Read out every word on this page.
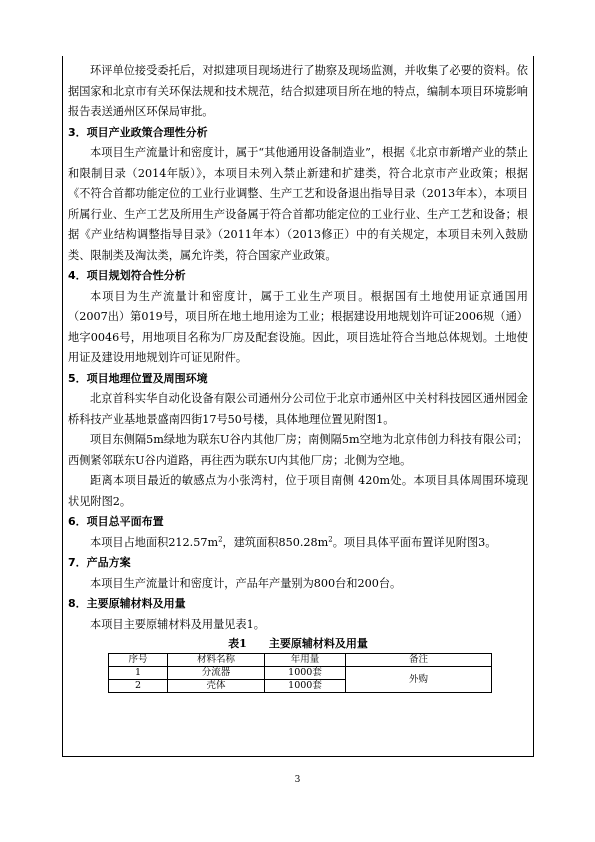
环评单位接受委托后，对拟建项目现场进行了勘察及现场监测，并收集了必要的资料。依据国家和北京市有关环保法规和技术规范，结合拟建项目所在地的特点，编制本项目环境影响报告表送通州区环保局审批。

3．项目产业政策合理性分析

本项目生产流量计和密度计，属于“其他通用设备制造业”，根据《北京市新增产业的禁止和限制目录（2014年版）》，本项目未列入禁止新建和扩建类，符合北京市产业政策；根据《不符合首都功能定位的工业行业调整、生产工艺和设备退出指导目录（2013年本），本项目所属行业、生产工艺及所用生产设备属于符合首都功能定位的工业行业、生产工艺和设备；根据《产业结构调整指导目录》（2011年本）（2013修正）中的有关规定，本项目未列入鼓励类、限制类及淘汰类，属允许类，符合国家产业政策。

4．项目规划符合性分析

本项目为生产流量计和密度计，属于工业生产项目。根据国有土地使用证京通国用（2007出）第019号，项目所在地土地用途为工业；根据建设用地规划许可证2006规（通）地字0046号，用地项目名称为厂房及配套设施。因此，项目选址符合当地总体规划。土地使用证及建设用地规划许可证见附件。

5．项目地理位置及周围环境

北京首科实华自动化设备有限公司通州分公司位于北京市通州区中关村科技园区通州园金桥科技产业基地景盛南四街17号50号楼，具体地理位置见附图1。

项目东侧隔5m绿地为联东U谷内其他厂房；南侧隔5m空地为北京伟创力科技有限公司；西侧紧邻联东U谷内道路，再往西为联东U内其他厂房；北侧为空地。

距离本项目最近的敏感点为小张湾村，位于项目南侧 420m处。本项目具体周围环境现状见附图2。

6．项目总平面布置

本项目占地面积$212.57m^2$，建筑面积$850.28m^2$。项目具体平面布置详见附图3。

7．产品方案

本项目生产流量计和密度计，产品年产量别为800台和200台。

8．主要原辅材料及用量

本项目主要原辅材料及用量见表1。

表1　　主要原辅材料及用量

序号	材料名称	年用量	备注
1	分流器	1000套	外购
2	壳体	1000套	
3
